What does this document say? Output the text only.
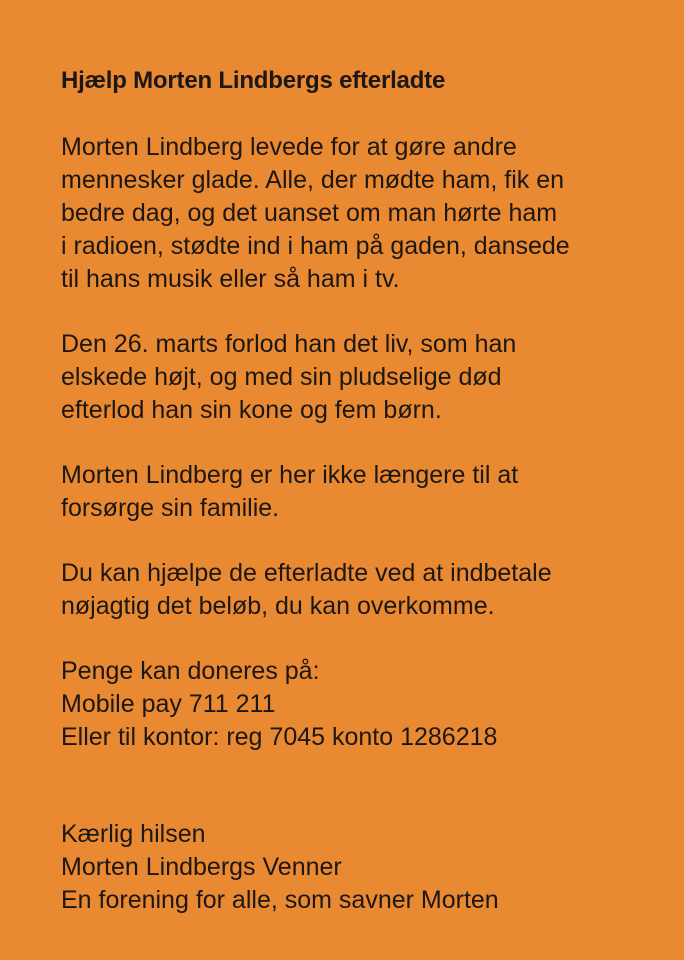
Hjælp Morten Lindbergs efterladte
Morten Lindberg levede for at gøre andre
mennesker glade. Alle, der mødte ham, fik en
bedre dag, og det uanset om man hørte ham
i radioen, stødte ind i ham på gaden, dansede
til hans musik eller så ham i tv.
Den 26. marts forlod han det liv, som han
elskede højt, og med sin pludselige død
efterlod han sin kone og fem børn.
Morten Lindberg er her ikke længere til at
forsørge sin familie.
Du kan hjælpe de efterladte ved at indbetale
nøjagtig det beløb, du kan overkomme.
Penge kan doneres på:
Mobile pay 711 211
Eller til kontor: reg 7045 konto 1286218
Kærlig hilsen
Morten Lindbergs Venner
En forening for alle, som savner Morten
